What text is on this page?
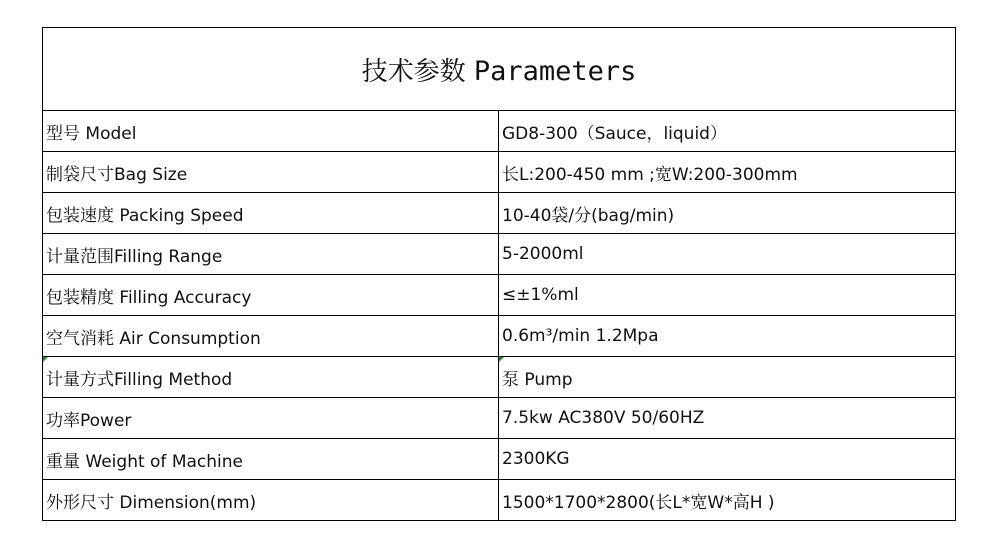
技术参数 Parameters	
型号 Model	GD8-300（Sauce，liquid）
制袋尺寸Bag Size	长L:200-450 mm ;宽W:200-300mm
包装速度 Packing Speed	10-40袋/分(bag/min)
计量范围Filling Range	5-2000ml
包装精度 Filling Accuracy	≤±1%ml
空气消耗 Air Consumption	0.6m³/min 1.2Mpa
计量方式Filling Method	泵 Pump
功率Power	7.5kw AC380V 50/60HZ
重量 Weight of Machine	2300KG
外形尺寸 Dimension(mm)	1500*1700*2800(长L*宽W*高H )
